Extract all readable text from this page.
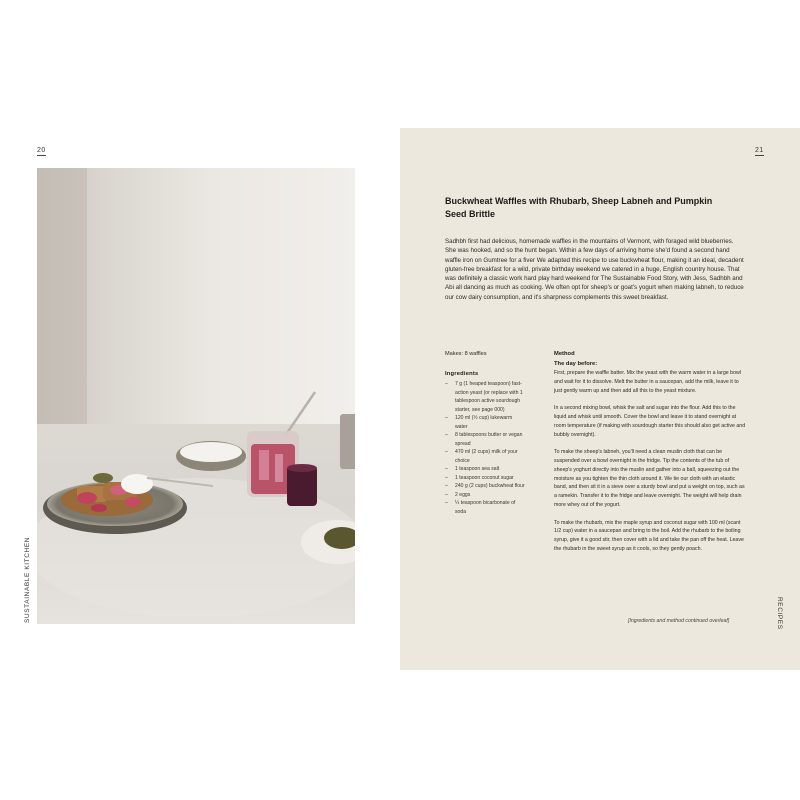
20
SUSTAINABLE KITCHEN
21
Buckwheat Waffles with Rhubarb, Sheep Labneh and Pumpkin Seed Brittle

Sadhbh first had delicious, homemade waffles in the mountains of Vermont, with foraged wild blueberries. She was hooked, and so the hunt began. Within a few days of arriving home she'd found a second hand waffle iron on Gumtree for a fiver We adapted this recipe to use buckwheat flour, making it an ideal, decadent gluten-free breakfast for a wild, private birthday weekend we catered in a huge, English country house. That was definitely a classic work hard play hard weekend for The Sustainable Food Story, with Jess, Sadhbh and Abi all dancing as much as cooking. We often opt for sheep's or goat's yogurt when making labneh, to reduce our cow dairy consumption, and it's sharpness complements this sweet breakfast.

Makes: 8 waffles
Ingredients
– 7 g (1 heaped teaspoon) fast-action yeast (or replace with 1 tablespoon active sourdough starter, see page 000)
– 120 ml (½ cup) lukewarm water
– 8 tablespoons butter or vegan spread
– 470 ml (2 cups) milk of your choice
– 1 teaspoon sea salt
– 1 teaspoon coconut sugar
– 240 g (2 cups) buckwheat flour
– 2 eggs
– ¼ teaspoon bicarbonate of soda
Method
The day before:

First, prepare the waffle batter. Mix the yeast with the warm water in a large bowl and wait for it to dissolve. Melt the butter in a saucepan, add the milk, leave it to just gently warm up and then add all this to the yeast mixture.

In a second mixing bowl, whisk the salt and sugar into the flour. Add this to the liquid and whisk until smooth. Cover the bowl and leave it to stand overnight at room temperature (if making with sourdough starter this should also get active and bubbly overnight).

To make the sheep's labneh, you'll need a clean muslin cloth that can be suspended over a bowl overnight in the fridge. Tip the contents of the tub of sheep's yoghurt directly into the muslin and gather into a ball, squeezing out the moisture as you tighten the thin cloth around it. We tie our cloth with an elastic band, and then sit it in a sieve over a sturdy bowl and put a weight on top, such as a ramekin. Transfer it to the fridge and leave overnight. The weight will help drain more whey out of the yogurt.

To make the rhubarb, mix the maple syrup and coconut sugar with 100 ml (scant 1/2 cup) water in a saucepan and bring to the boil. Add the rhubarb to the boiling syrup, give it a good stir, then cover with a lid and take the pan off the heat. Leave the rhubarb in the sweet syrup as it cools, so they gently poach.

[Ingredients and method continued overleaf]	RECIPES
